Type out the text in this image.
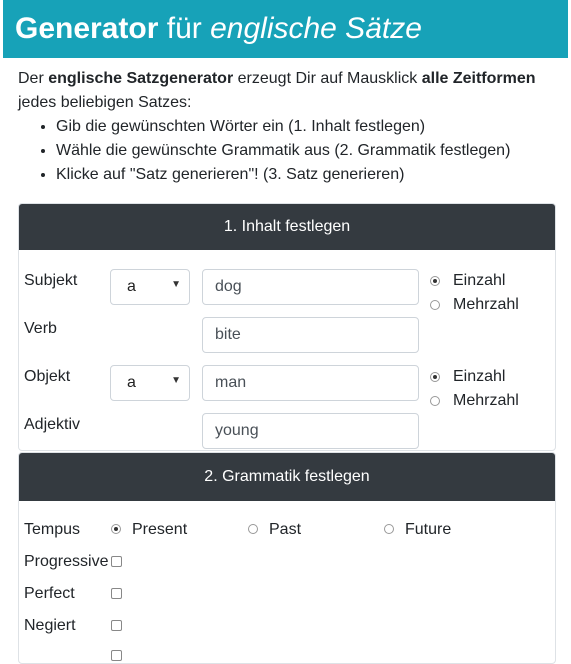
Generator für englische Sätze

Der englische Satzgenerator erzeugt Dir auf Mausklick alle Zeitformen
jedes beliebigen Satzes:

• Gib die gewünschten Wörter ein (1. Inhalt festlegen)
• Wähle die gewünschte Grammatik aus (2. Grammatik festlegen)
• Klicke auf "Satz generieren"! (3. Satz generieren)
1. Inhalt festlegen
Subjekt	a	▼ dog	Einzahl
Mehrzahl
Verb	bite
Objekt	a	▼ man	Einzahl
Mehrzahl
Adjektiv	young
2. Grammatik festlegen
Tempus	Present	Past	Future
Progressive
Perfect
Negiert
